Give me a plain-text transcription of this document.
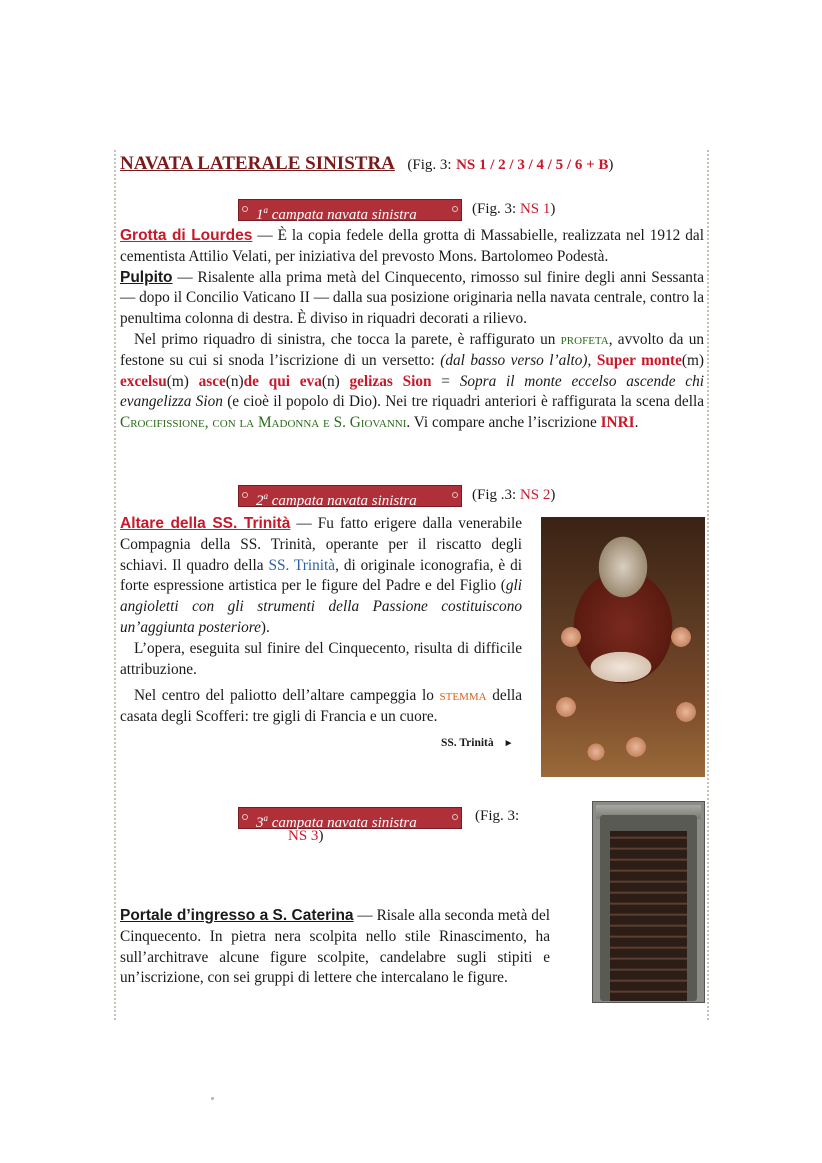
NAVATA LATERALE SINISTRA (Fig. 3: NS 1 / 2 / 3 / 4 / 5 / 6 + B)
1$^a$ campata navata sinistra	(Fig. 3: NS 1)

Grotta di Lourdes — È la copia fedele della grotta di Massabielle, realizzata nel 1912 dal cementista Attilio Velati, per iniziativa del prevosto Mons. Bartolomeo Podestà.

Pulpito — Risalente alla prima metà del Cinquecento, rimosso sul finire degli anni Sessanta — dopo il Concilio Vaticano II — dalla sua posizione originaria nella navata centrale, contro la penultima colonna di destra. È diviso in riquadri decorati a rilievo.

Nel primo riquadro di sinistra, che tocca la parete, è raffigurato un profeta, avvolto da un festone su cui si snoda l’iscrizione di un versetto: (dal basso verso l’alto), Super monte(m) excelsu(m) asce(n)de qui eva(n) gelizas Sion = Sopra il monte eccelso ascende chi evangelizza Sion (e cioè il popolo di Dio). Nei tre riquadri anteriori è raffigurata la scena della Crocifissione, con la Madonna e S. Giovanni. Vi compare anche l’iscrizione INRI.

2$^a$ campata navata sinistra	(Fig .3: NS 2)

Altare della SS. Trinità — Fu fatto erigere dalla venerabile Compagnia della SS. Trinità, operante per il riscatto degli schiavi. Il quadro della SS. Trinità, di originale iconografia, è di forte espressione artistica per le figure del Padre e del Figlio (gli angioletti con gli strumenti della Passione costituiscono un’aggiunta posteriore).

L’opera, eseguita sul finire del Cinquecento, risulta di difficile attribuzione.

Nel centro del paliotto dell’altare campeggia lo stemma della casata degli Scofferi: tre gigli di Francia e un cuore.

SS. Trinità ►
3$^a$ campata navata sinistra	(Fig. 3:
NS 3)

Portale d’ingresso a S. Caterina — Risale alla seconda metà del Cinquecento. In pietra nera scolpita nello stile Rinascimento, ha sull’architrave alcune figure scolpite, candelabre sugli stipiti e un’iscrizione, con sei gruppi di lettere che intercalano le figure.
